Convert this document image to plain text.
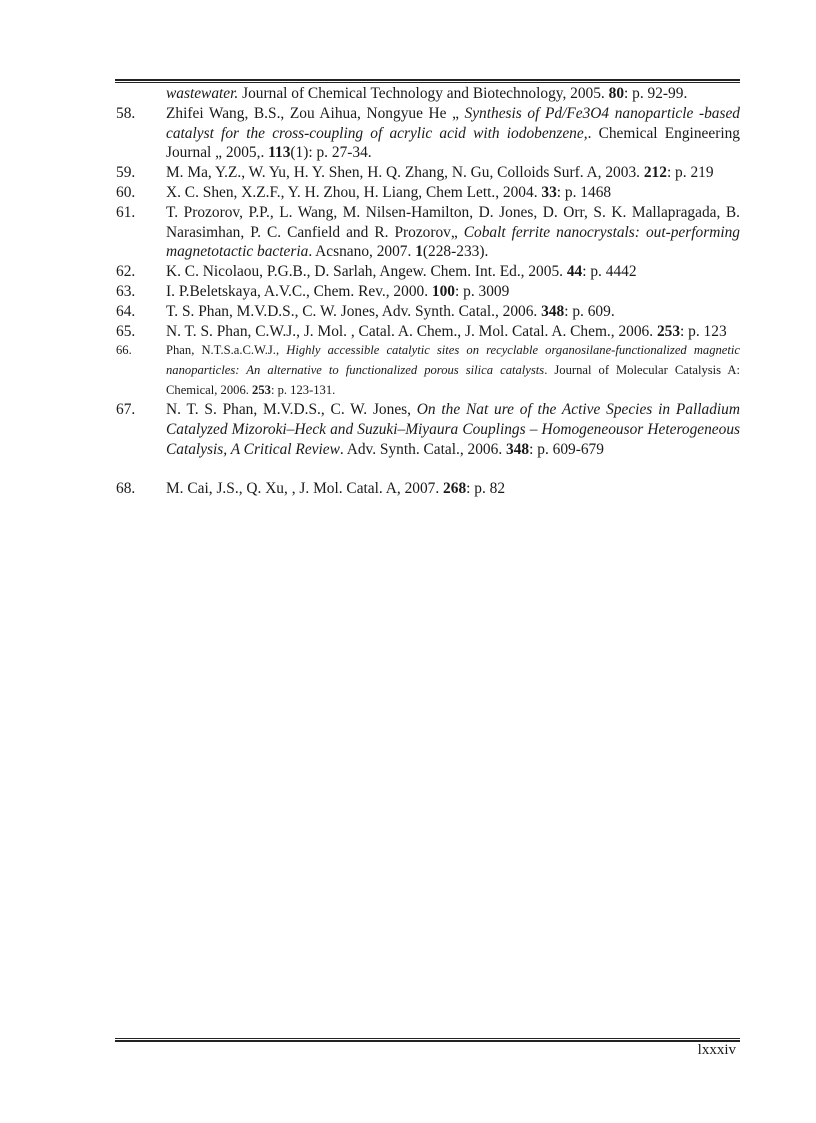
wastewater. Journal of Chemical Technology and Biotechnology, 2005. 80: p. 92-99.
58.	Zhifei Wang, B.S., Zou Aihua, Nongyue He „ Synthesis of Pd/Fe3O4 nanoparticle -based catalyst for the cross-coupling of acrylic acid with iodobenzene,. Chemical Engineering Journal „ 2005,. 113(1): p. 27-34.
59.	M. Ma, Y.Z., W. Yu, H. Y. Shen, H. Q. Zhang, N. Gu, Colloids Surf. A, 2003. 212: p. 219
60.	X. C. Shen, X.Z.F., Y. H. Zhou, H. Liang, Chem Lett., 2004. 33: p. 1468
61.	T. Prozorov, P.P., L. Wang, M. Nilsen-Hamilton, D. Jones, D. Orr, S. K. Mallapragada, B. Narasimhan, P. C. Canfield and R. Prozorov„ Cobalt ferrite nanocrystals: out-performing magnetotactic bacteria. Acsnano, 2007. 1(228-233).
62.	K. C. Nicolaou, P.G.B., D. Sarlah, Angew. Chem. Int. Ed., 2005. 44: p. 4442
63.	I. P.Beletskaya, A.V.C., Chem. Rev., 2000. 100: p. 3009
64.	T. S. Phan, M.V.D.S., C. W. Jones, Adv. Synth. Catal., 2006. 348: p. 609.
65.	N. T. S. Phan, C.W.J., J. Mol. , Catal. A. Chem., J. Mol. Catal. A. Chem., 2006. 253: p. 123
66.	Phan, N.T.S.a.C.W.J., Highly accessible catalytic sites on recyclable organosilane-functionalized magnetic nanoparticles: An alternative to functionalized porous silica catalysts. Journal of Molecular Catalysis A: Chemical, 2006. 253: p. 123-131.
67.	N. T. S. Phan, M.V.D.S., C. W. Jones, On the Nat ure of the Active Species in Palladium Catalyzed Mizoroki–Heck and Suzuki–Miyaura Couplings – Homogeneousor Heterogeneous Catalysis, A Critical Review. Adv. Synth. Catal., 2006. 348: p. 609-679
68.	M. Cai, J.S., Q. Xu, , J. Mol. Catal. A, 2007. 268: p. 82
lxxxiv
